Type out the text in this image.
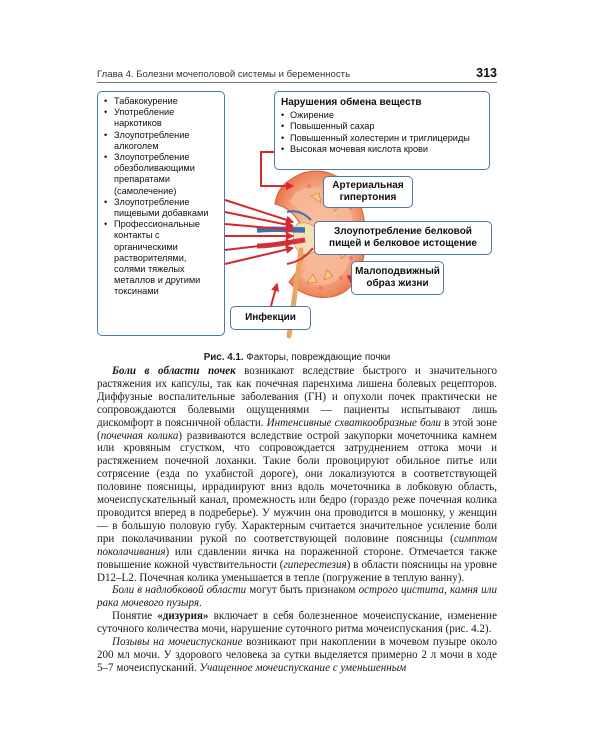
Глава 4. Болезни мочеполовой системы и беременность	313
• Табакокурение
• Употребление наркотиков
• Злоупотребление алкоголем
• Злоупотребление обезболивающими препаратами (самолечение)
• Злоупотребление пищевыми добавками
• Профессиональные контакты с органическими растворителями, солями тяжелых металлов и другими токсинами
Нарушения обмена веществ
• Ожирение
• Повышенный сахар
• Повышенный холестерин и триглицериды
• Высокая мочевая кислота крови
Артериальная гипертония
Злоупотребление белковой пищей и белковое истощение
Малоподвижный образ жизни
Инфекции
Рис. 4.1. Факторы, повреждающие почки

Боли в области почек возникают вследствие быстрого и значительного растяжения их капсулы, так как почечная паренхима лишена болевых рецепторов. Диффузные воспалительные заболевания (ГН) и опухоли почек практически не сопровождаются болевыми ощущениями — пациенты испытывают лишь дискомфорт в поясничной области. Интенсивные схваткообразные боли в этой зоне (почечная колика) развиваются вследствие острой закупорки мочеточника камнем или кровяным сгустком, что сопровождается затруднением оттока мочи и растяжением почечной лоханки. Такие боли провоцируют обильное питье или сотрясение (езда по ухабистой дороге), они локализуются в соответствующей половине поясницы, иррадиируют вниз вдоль мочеточника в лобковую область, мочеиспускательный канал, промежность или бедро (гораздо реже почечная колика проводится вперед в подреберье). У мужчин она проводится в мошонку, у женщин — в большую половую губу. Характерным считается значительное усиление боли при поколачивании рукой по соответствующей половине поясницы (симптом поколачивания) или сдавлении яичка на пораженной стороне. Отмечается также повышение кожной чувствительности (гиперестезия) в области поясницы на уровне D12–L2. Почечная колика уменьшается в тепле (погружение в теплую ванну).

Боли в надлобковой области могут быть признаком острого цистита, камня или рака мочевого пузыря.

Понятие «дизурия» включает в себя болезненное мочеиспускание, изменение суточного количества мочи, нарушение суточного ритма мочеиспускания (рис. 4.2).

Позывы на мочеиспускание возникают при накоплении в мочевом пузыре около 200 мл мочи. У здорового человека за сутки выделяется примерно 2 л мочи в ходе 5–7 мочеиспусканий. Учащенное мочеиспускание с уменьшенным
